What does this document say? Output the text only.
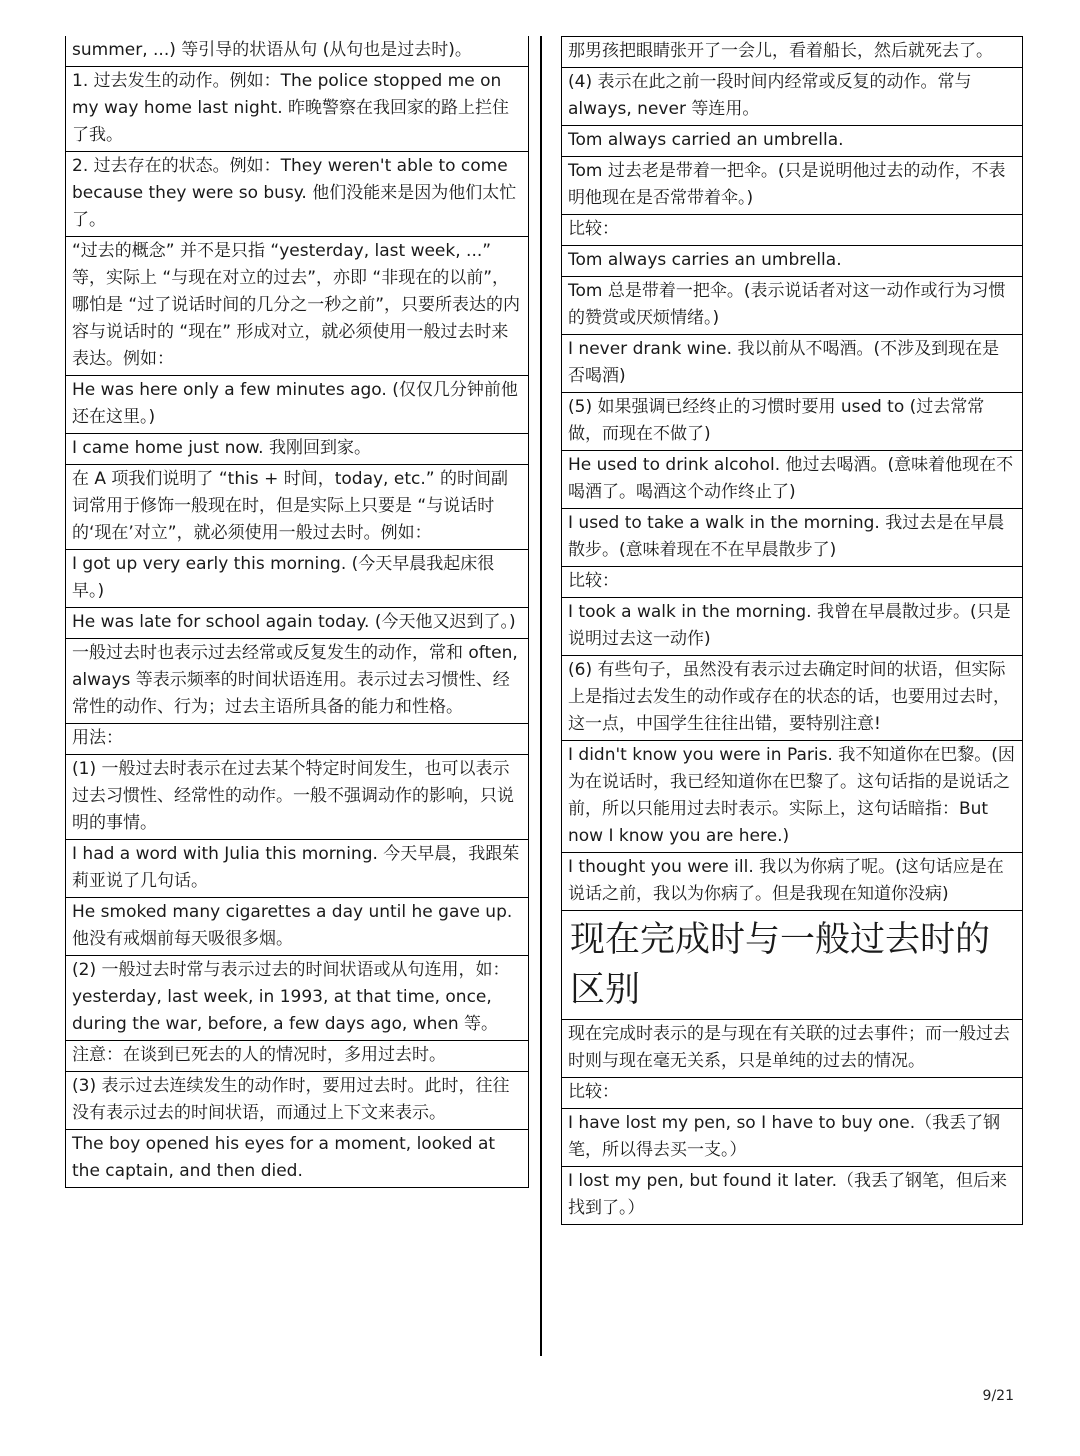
summer, ...) 等引导的状语从句 (从句也是过去时)。
1. 过去发生的动作。例如：The police stopped me on my way home last night. 昨晚警察在我回家的路上拦住了我。
2. 过去存在的状态。例如：They weren't able to come because they were so busy. 他们没能来是因为他们太忙了。
“过去的概念” 并不是只指 “yesterday, last week, ...” 等，实际上 “与现在对立的过去”，亦即 “非现在的以前”，哪怕是 “过了说话时间的几分之一秒之前”，只要所表达的内容与说话时的 “现在” 形成对立，就必须使用一般过去时来表达。例如：
He was here only a few minutes ago. (仅仅几分钟前他还在这里。)
I came home just now. 我刚回到家。
在 A 项我们说明了 “this + 时间，today, etc.” 的时间副词常用于修饰一般现在时，但是实际上只要是 “与说话时的‘现在’对立”，就必须使用一般过去时。例如：
I got up very early this morning. (今天早晨我起床很早。)
He was late for school again today. (今天他又迟到了。)
一般过去时也表示过去经常或反复发生的动作，常和 often, always 等表示频率的时间状语连用。表示过去习惯性、经常性的动作、行为；过去主语所具备的能力和性格。
用法：
(1) 一般过去时表示在过去某个特定时间发生，也可以表示过去习惯性、经常性的动作。一般不强调动作的影响，只说明的事情。
I had a word with Julia this morning. 今天早晨，我跟茱莉亚说了几句话。
He smoked many cigarettes a day until he gave up. 他没有戒烟前每天吸很多烟。
(2) 一般过去时常与表示过去的时间状语或从句连用，如：yesterday, last week, in 1993, at that time, once, during the war, before, a few days ago, when 等。
注意：在谈到已死去的人的情况时，多用过去时。
(3) 表示过去连续发生的动作时，要用过去时。此时，往往没有表示过去的时间状语，而通过上下文来表示。
The boy opened his eyes for a moment, looked at the captain, and then died.
那男孩把眼睛张开了一会儿，看着船长，然后就死去了。
(4) 表示在此之前一段时间内经常或反复的动作。常与 always, never 等连用。
Tom always carried an umbrella.
Tom 过去老是带着一把伞。(只是说明他过去的动作，不表明他现在是否常带着伞。)
比较：
Tom always carries an umbrella.
Tom 总是带着一把伞。(表示说话者对这一动作或行为习惯的赞赏或厌烦情绪。)
I never drank wine. 我以前从不喝酒。(不涉及到现在是否喝酒)
(5) 如果强调已经终止的习惯时要用 used to (过去常常做，而现在不做了)
He used to drink alcohol. 他过去喝酒。(意味着他现在不喝酒了。喝酒这个动作终止了)
I used to take a walk in the morning. 我过去是在早晨散步。(意味着现在不在早晨散步了)
比较：
I took a walk in the morning. 我曾在早晨散过步。(只是说明过去这一动作)
(6) 有些句子，虽然没有表示过去确定时间的状语，但实际上是指过去发生的动作或存在的状态的话，也要用过去时，这一点，中国学生往往出错，要特别注意!
I didn't know you were in Paris. 我不知道你在巴黎。(因为在说话时，我已经知道你在巴黎了。这句话指的是说话之前，所以只能用过去时表示。实际上，这句话暗指：But now I know you are here.)
I thought you were ill. 我以为你病了呢。(这句话应是在说话之前，我以为你病了。但是我现在知道你没病)
现在完成时与一般过去时的区别
现在完成时表示的是与现在有关联的过去事件；而一般过去时则与现在毫无关系，只是单纯的过去的情况。
比较：
I have lost my pen, so I have to buy one.（我丢了钢笔，所以得去买一支。）
I lost my pen, but found it later.（我丢了钢笔，但后来找到了。）
9/21
